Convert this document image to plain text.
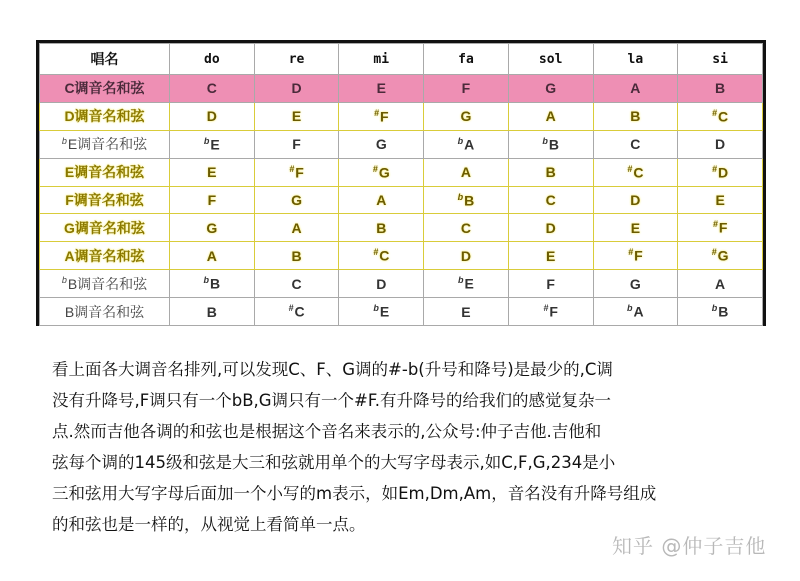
唱名	do	re	mi	fa	sol	la	si
C调音名和弦	C	D	E	F	G	A	B
D调音名和弦	D	E	#F	G	A	B	#C
$^b$E调音名和弦	$^b$E	F	G	$^b$A	$^b$B	C	D
E调音名和弦	E	#F	#G	A	B	#C	#D
F调音名和弦	F	G	A	$^b$B	C	D	E
G调音名和弦	G	A	B	C	D	E	#F
A调音名和弦	A	B	#C	D	E	#F	#G
$^b$B调音名和弦	$^b$B	C	D	$^b$E	F	G	A
B调音名和弦	B	#C	$^b$E	E	#F	$^b$A	$^b$B

看上面各大调音名排列,可以发现C、F、G调的#-b(升号和降号)是最少的,C调

没有升降号,F调只有一个bB,G调只有一个#F.有升降号的给我们的感觉复杂一

点.然而吉他各调的和弦也是根据这个音名来表示的,公众号:仲子吉他.吉他和

弦每个调的145级和弦是大三和弦就用单个的大写字母表示,如C,F,G,234是小

三和弦用大写字母后面加一个小写的m表示，如Em,Dm,Am，音名没有升降号组成

的和弦也是一样的，从视觉上看简单一点。

知乎 @仲子吉他
